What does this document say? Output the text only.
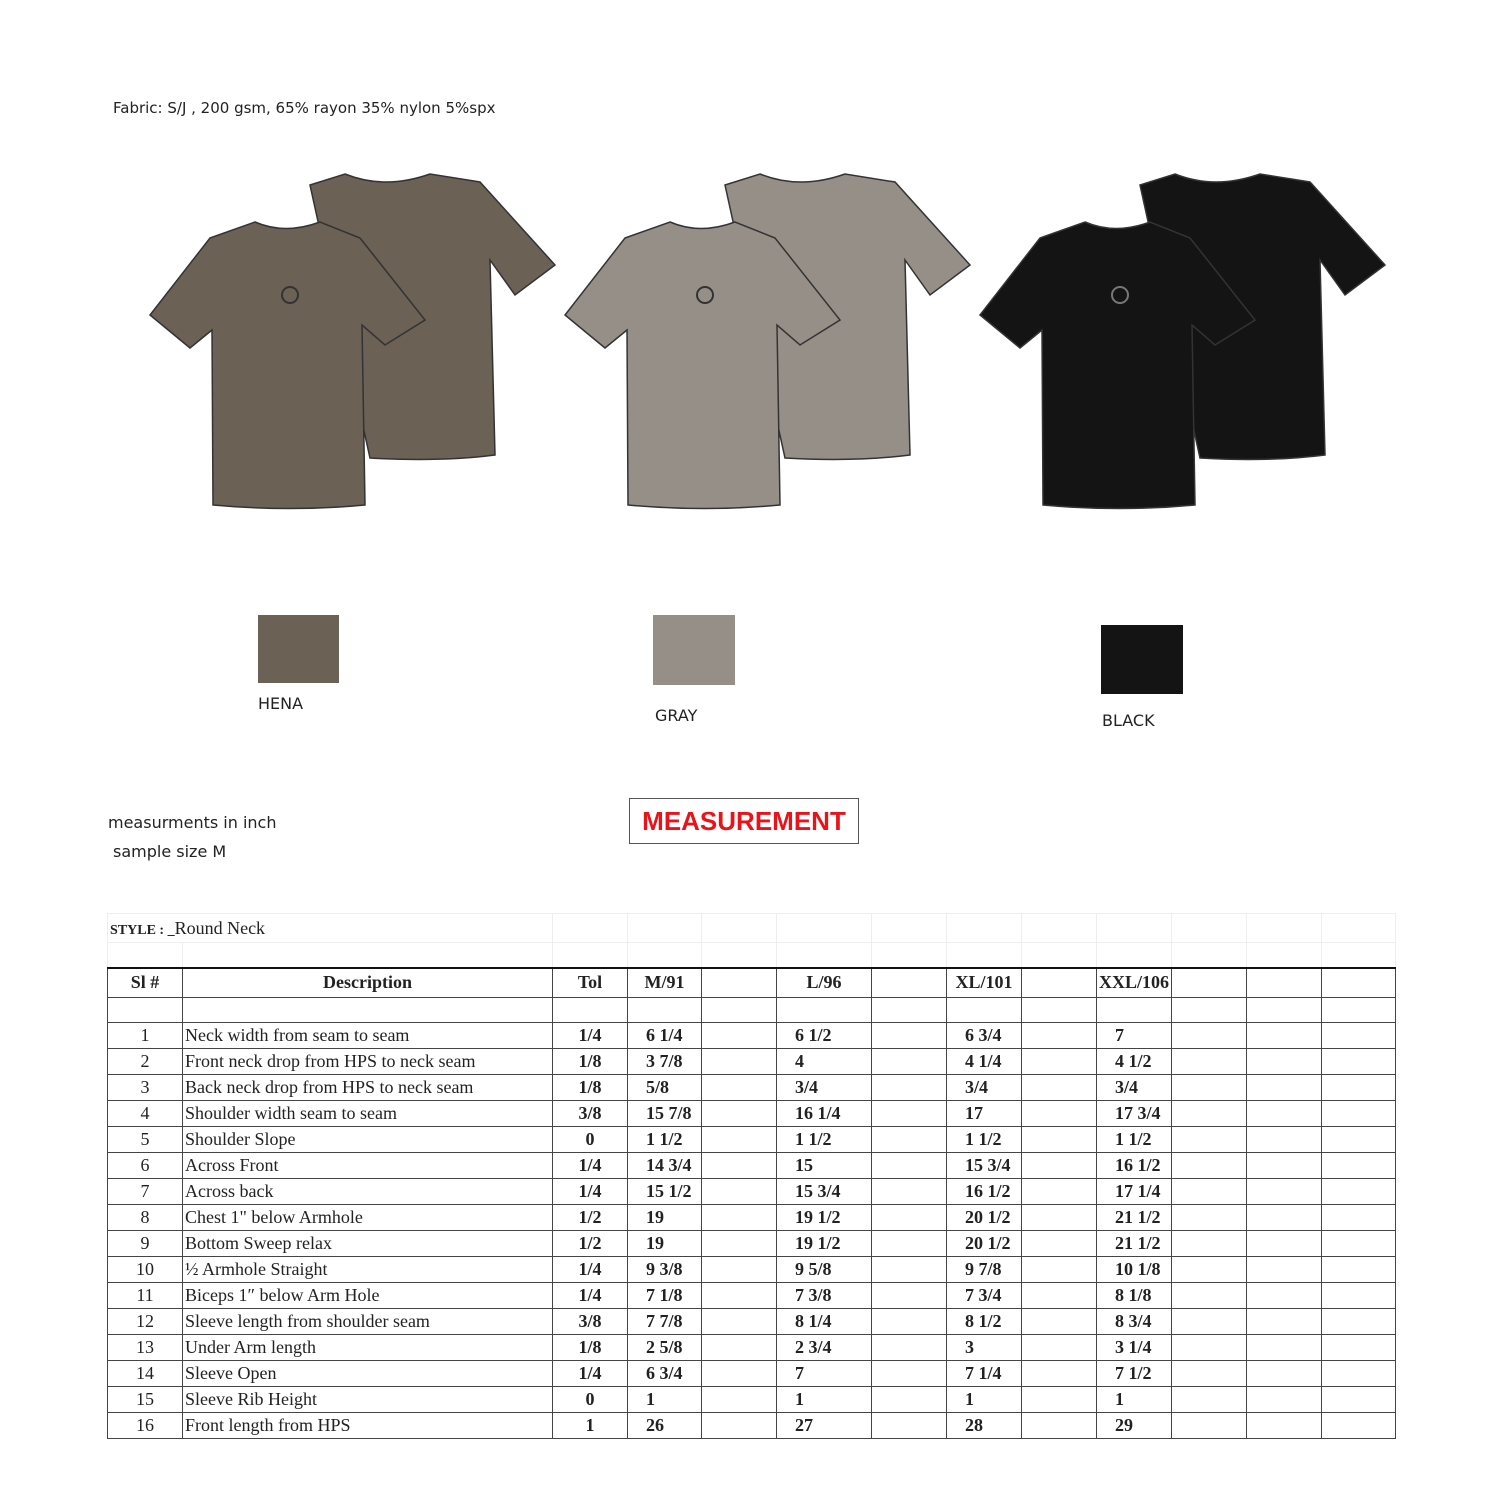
Fabric: S/J , 200 gsm, 65% rayon 35% nylon 5%spx
HENA
GRAY	BLACK
measurments in inch
sample size M
MEASUREMENT
STYLE : _Round Neck												

Sl #	Description	Tol	M/91		L/96		XL/101		XXL/106			

1	Neck width from seam to seam	1/4	6 1/4		6 1/2		6 3/4		7			
2	Front neck drop from HPS to neck seam	1/8	3 7/8		4		4 1/4		4 1/2			
3	Back neck drop from HPS to neck seam	1/8	5/8		3/4		3/4		3/4			
4	Shoulder width seam to seam	3/8	15 7/8		16 1/4		17		17 3/4			
5	Shoulder Slope	0	1 1/2		1 1/2		1 1/2		1 1/2			
6	Across Front	1/4	14 3/4		15		15 3/4		16 1/2			
7	Across back	1/4	15 1/2		15 3/4		16 1/2		17 1/4			
8	Chest 1" below Armhole	1/2	19		19 1/2		20 1/2		21 1/2			
9	Bottom Sweep relax	1/2	19		19 1/2		20 1/2		21 1/2			
10	½ Armhole Straight	1/4	9 3/8		9 5/8		9 7/8		10 1/8			
11	Biceps 1″ below Arm Hole	1/4	7 1/8		7 3/8		7 3/4		8 1/8			
12	Sleeve length from shoulder seam	3/8	7 7/8		8 1/4		8 1/2		8 3/4			
13	Under Arm length	1/8	2 5/8		2 3/4		3		3 1/4			
14	Sleeve Open	1/4	6 3/4		7		7 1/4		7 1/2			
15	Sleeve Rib Height	0	1		1		1		1			
16	Front length from HPS	1	26		27		28		29			
